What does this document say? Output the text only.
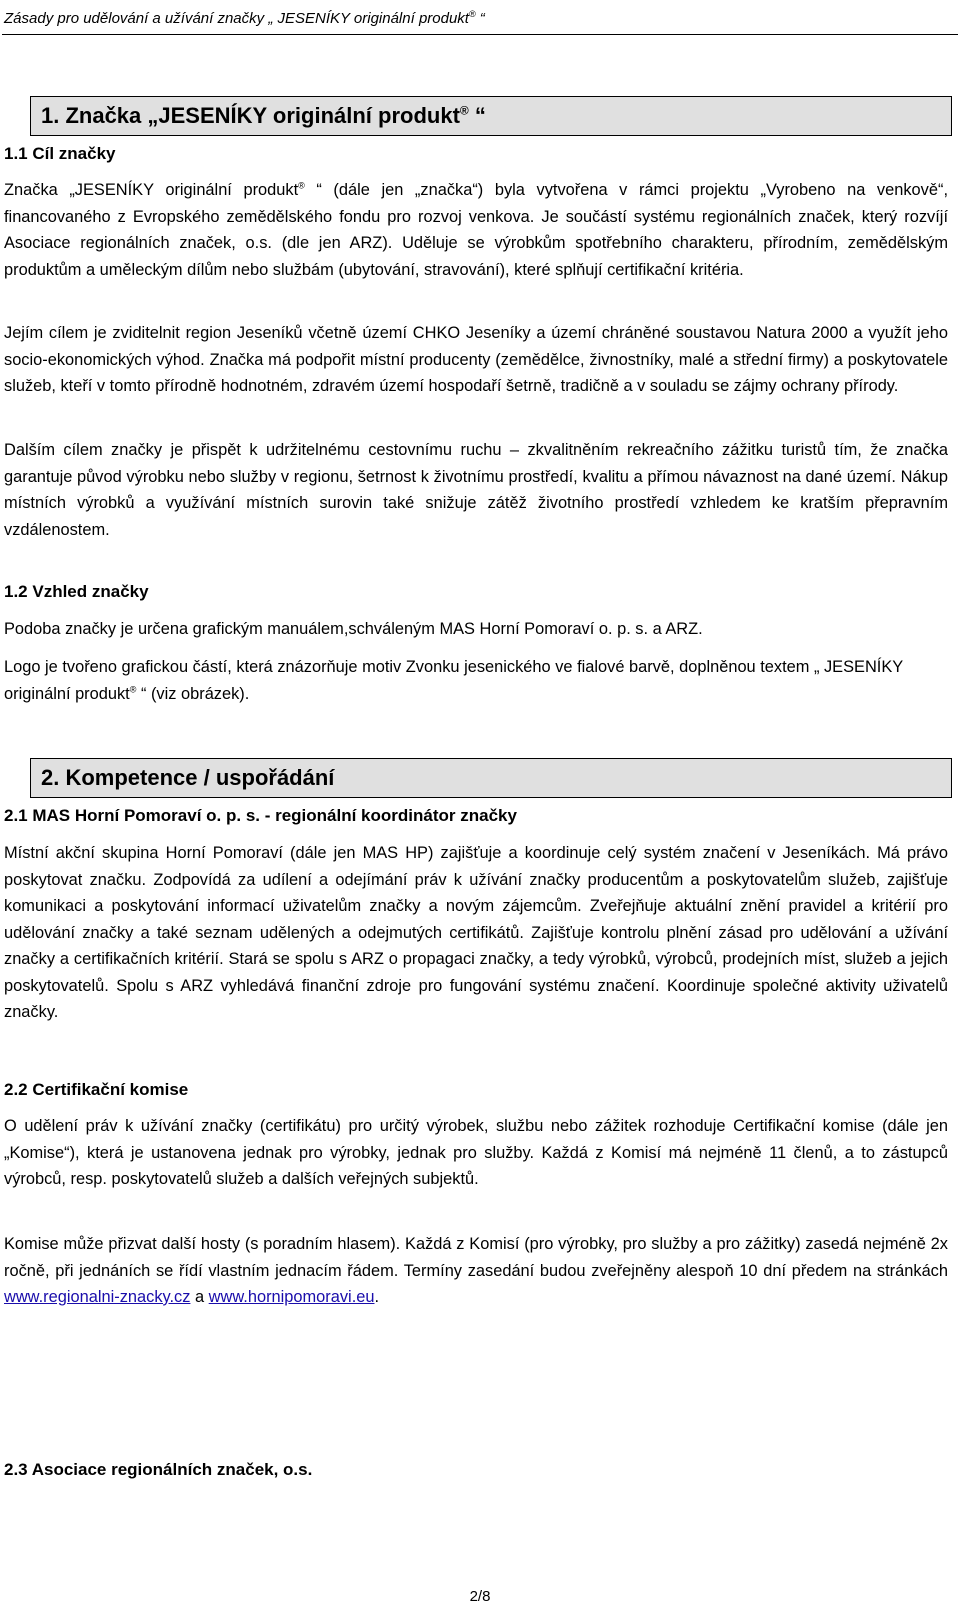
Zásady pro udělování a užívání značky „ JESENÍKY originální produkt® “
1. Značka „JESENÍKY originální produkt® “
1.1 Cíl značky
Značka „JESENÍKY originální produkt® “ (dále jen „značka“) byla vytvořena v rámci projektu „Vyrobeno na venkově“, financovaného z Evropského zemědělského fondu pro rozvoj venkova. Je součástí systému regionálních značek, který rozvíjí Asociace regionálních značek, o.s. (dle jen ARZ). Uděluje se výrobkům spotřebního charakteru, přírodním, zemědělským produktům a uměleckým dílům nebo službám (ubytování, stravování), které splňují certifikační kritéria.
Jejím cílem je zviditelnit region Jeseníků včetně území CHKO Jeseníky a území chráněné soustavou Natura 2000 a využít jeho socio-ekonomických výhod. Značka má podpořit místní producenty (zemědělce, živnostníky, malé a střední firmy) a poskytovatele služeb, kteří v tomto přírodně hodnotném, zdravém území hospodaří šetrně, tradičně a v souladu se zájmy ochrany přírody.
Dalším cílem značky je přispět k udržitelnému cestovnímu ruchu – zkvalitněním rekreačního zážitku turistů tím, že značka garantuje původ výrobku nebo služby v regionu, šetrnost k životnímu prostředí, kvalitu a přímou návaznost na dané území. Nákup místních výrobků a využívání místních surovin také snižuje zátěž životního prostředí vzhledem ke kratším přepravním vzdálenostem.
1.2 Vzhled značky
Podoba značky je určena grafickým manuálem,schváleným MAS Horní Pomoraví o. p. s. a ARZ.
Logo je tvořeno grafickou částí, která znázorňuje motiv Zvonku jesenického ve fialové barvě, doplněnou textem „ JESENÍKY originální produkt® “ (viz obrázek).
2. Kompetence / uspořádání
2.1 MAS Horní Pomoraví o. p. s. - regionální koordinátor značky
Místní akční skupina Horní Pomoraví (dále jen MAS HP) zajišťuje a koordinuje celý systém značení v Jeseníkách. Má právo poskytovat značku. Zodpovídá za udílení a odejímání práv k užívání značky producentům a poskytovatelům služeb, zajišťuje komunikaci a poskytování informací uživatelům značky a novým zájemcům. Zveřejňuje aktuální znění pravidel a kritérií pro udělování značky a také seznam udělených a odejmutých certifikátů. Zajišťuje kontrolu plnění zásad pro udělování a užívání značky a certifikačních kritérií. Stará se spolu s ARZ o propagaci značky, a tedy výrobků, výrobců, prodejních míst, služeb a jejich poskytovatelů. Spolu s ARZ vyhledává finanční zdroje pro fungování systému značení. Koordinuje společné aktivity uživatelů značky.
2.2 Certifikační komise
O udělení práv k užívání značky (certifikátu) pro určitý výrobek, službu nebo zážitek rozhoduje Certifikační komise (dále jen „Komise“), která je ustanovena jednak pro výrobky, jednak pro služby. Každá z Komisí má nejméně 11 členů, a to zástupců výrobců, resp. poskytovatelů služeb a dalších veřejných subjektů.
Komise může přizvat další hosty (s poradním hlasem). Každá z Komisí (pro výrobky, pro služby a pro zážitky) zasedá nejméně 2x ročně, při jednáních se řídí vlastním jednacím řádem. Termíny zasedání budou zveřejněny alespoň 10 dní předem na stránkách www.regionalni-znacky.cz a www.hornipomoravi.eu.
2.3 Asociace regionálních značek, o.s.
2/8
